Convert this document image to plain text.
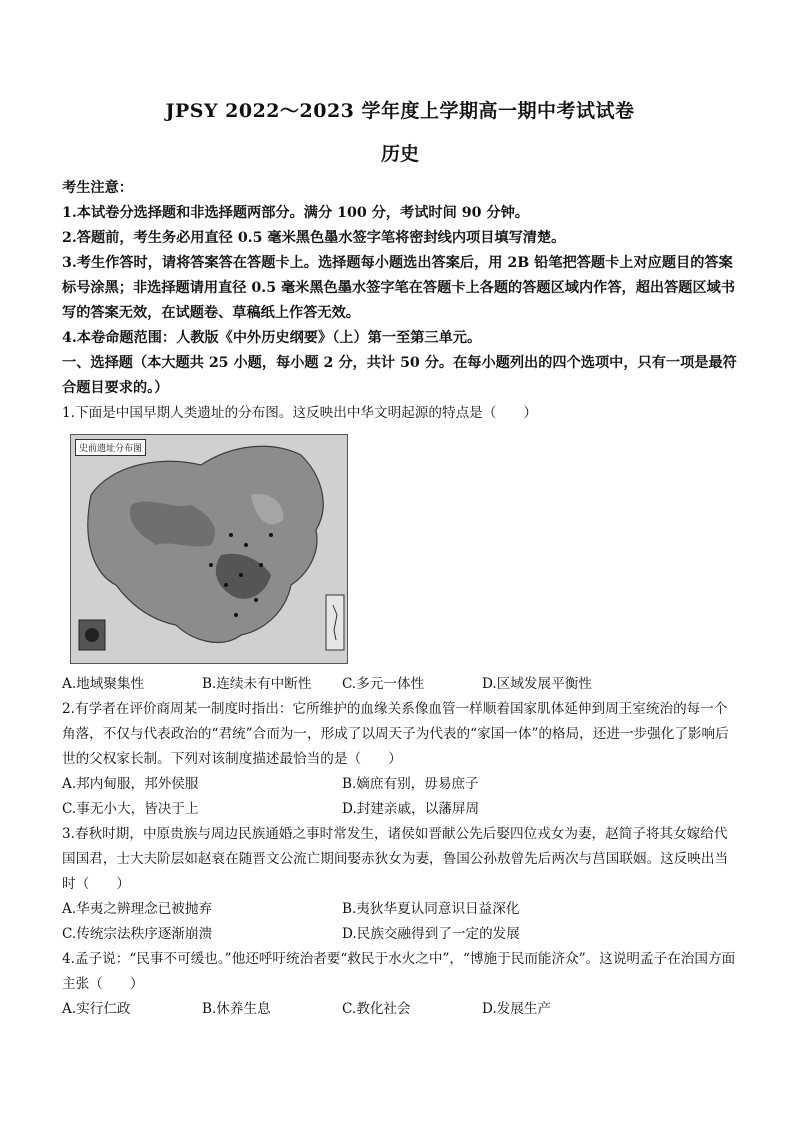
JPSY 2022～2023 学年度上学期高一期中考试试卷
历史

考生注意：

1.本试卷分选择题和非选择题两部分。满分 100 分，考试时间 90 分钟。

2.答题前，考生务必用直径 0.5 毫米黑色墨水签字笔将密封线内项目填写清楚。

3.考生作答时，请将答案答在答题卡上。选择题每小题选出答案后，用 2B 铅笔把答题卡上对应题目的答案标号涂黑；非选择题请用直径 0.5 毫米黑色墨水签字笔在答题卡上各题的答题区域内作答，超出答题区域书写的答案无效，在试题卷、草稿纸上作答无效。

4.本卷命题范围：人教版《中外历史纲要》（上）第一至第三单元。

一、选择题（本大题共 25 小题，每小题 2 分，共计 50 分。在每小题列出的四个选项中，只有一项是最符合题目要求的。）

1.下面是中国早期人类遗址的分布图。这反映出中华文明起源的特点是（　　）

史前遗址分布图
A.地域聚集性	B.连续未有中断性	C.多元一体性	D.区域发展平衡性

2.有学者在评价商周某一制度时指出：它所维护的血缘关系像血管一样顺着国家肌体延伸到周王室统治的每一个角落，不仅与代表政治的“君统”合而为一，形成了以周天子为代表的“家国一体”的格局，还进一步强化了影响后世的父权家长制。下列对该制度描述最恰当的是（　　）

A.邦内甸服，邦外侯服	B.嫡庶有别，毋易庶子
C.事无小大，皆决于上	D.封建亲戚，以藩屏周

3.春秋时期，中原贵族与周边民族通婚之事时常发生，诸侯如晋献公先后娶四位戎女为妻，赵简子将其女嫁给代国国君，士大夫阶层如赵衰在随晋文公流亡期间娶赤狄女为妻，鲁国公孙敖曾先后两次与莒国联姻。这反映出当时（　　）

A.华夷之辨理念已被抛弃	B.夷狄华夏认同意识日益深化
C.传统宗法秩序逐渐崩溃	D.民族交融得到了一定的发展

4.孟子说：“民事不可缓也。”他还呼吁统治者要“救民于水火之中”，“博施于民而能济众”。这说明孟子在治国方面主张（　　）

A.实行仁政	B.休养生息	C.教化社会	D.发展生产
